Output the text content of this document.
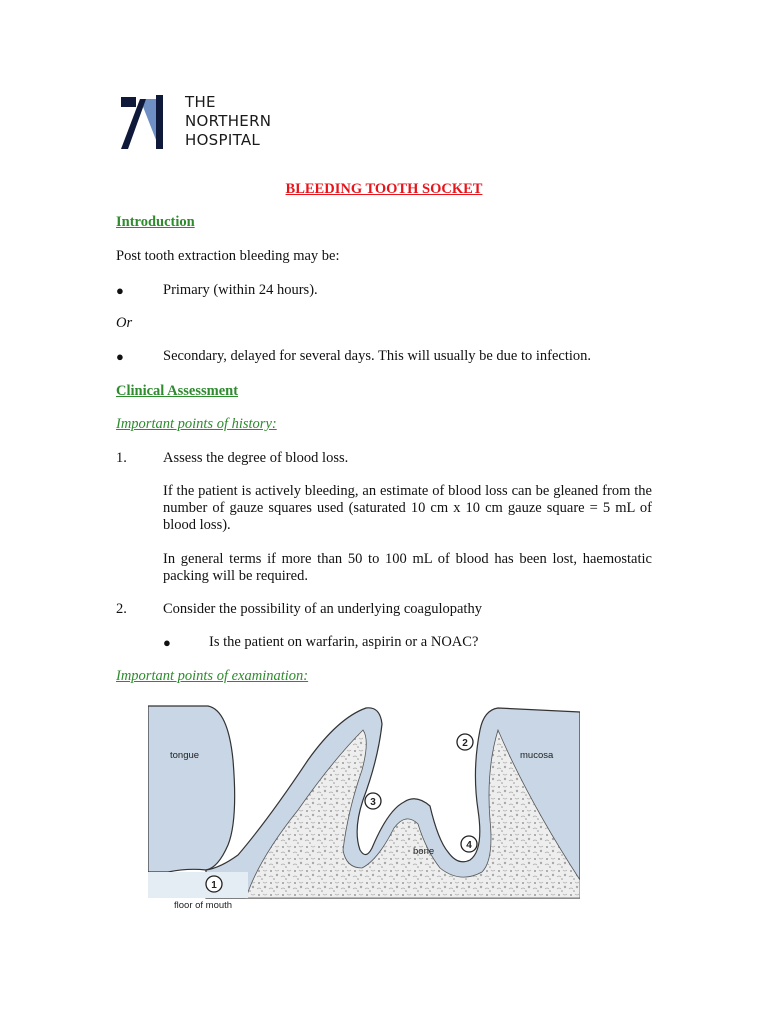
THE
NORTHERN
HOSPITAL
BLEEDING TOOTH SOCKET
Introduction
Post tooth extraction bleeding may be:
●	Primary (within 24 hours).
Or
●	Secondary, delayed for several days. This will usually be due to infection.
Clinical Assessment
Important points of history:
1. Assess the degree of blood loss.
If the patient is actively bleeding, an estimate of blood loss can be gleaned from the number of gauze squares used (saturated 10 cm x 10 cm gauze square = 5 mL of blood loss).
In general terms if more than 50 to 100 mL of blood has been lost, haemostatic packing will be required.
2. Consider the possibility of an underlying coagulopathy
●	Is the patient on warfarin, aspirin or a NOAC?
Important points of examination:
tongue	mucosa
bone
floor of mouth
1
2
3
4
